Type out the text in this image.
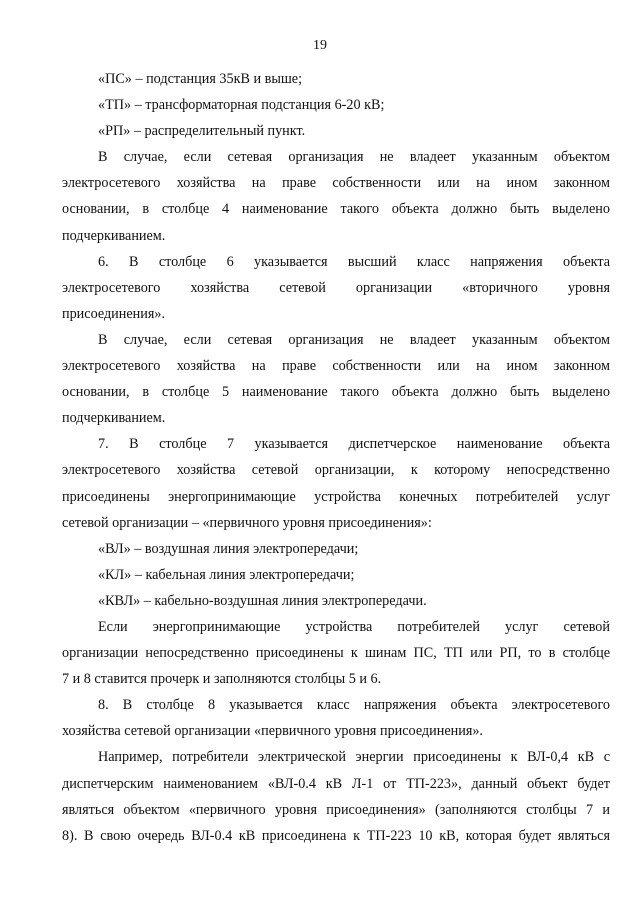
19
«ПС» – подстанция 35кВ и выше;
«ТП» – трансформаторная подстанция 6-20 кВ;
«РП» – распределительный пункт.
В случае, если сетевая организация не владеет указанным объектом
электросетевого хозяйства на праве собственности или на ином законном
основании, в столбце 4 наименование такого объекта должно быть выделено
подчеркиванием.
6. В столбце 6 указывается высший класс напряжения объекта
электросетевого хозяйства сетевой организации «вторичного уровня
присоединения».
В случае, если сетевая организация не владеет указанным объектом
электросетевого хозяйства на праве собственности или на ином законном
основании, в столбце 5 наименование такого объекта должно быть выделено
подчеркиванием.
7. В столбце 7 указывается диспетчерское наименование объекта
электросетевого хозяйства сетевой организации, к которому непосредственно
присоединены энергопринимающие устройства конечных потребителей услуг
сетевой организации – «первичного уровня присоединения»:
«ВЛ» – воздушная линия электропередачи;
«КЛ» – кабельная линия электропередачи;
«КВЛ» – кабельно-воздушная линия электропередачи.
Если энергопринимающие устройства потребителей услуг сетевой
организации непосредственно присоединены к шинам ПС, ТП или РП, то в столбце
7 и 8 ставится прочерк и заполняются столбцы 5 и 6.
8. В столбце 8 указывается класс напряжения объекта электросетевого
хозяйства сетевой организации «первичного уровня присоединения».
Например, потребители электрической энергии присоединены к ВЛ-0,4 кВ с
диспетчерским наименованием «ВЛ-0.4 кВ Л-1 от ТП-223», данный объект будет
являться объектом «первичного уровня присоединения» (заполняются столбцы 7 и
8). В свою очередь ВЛ-0.4 кВ присоединена к ТП-223 10 кВ, которая будет являться
